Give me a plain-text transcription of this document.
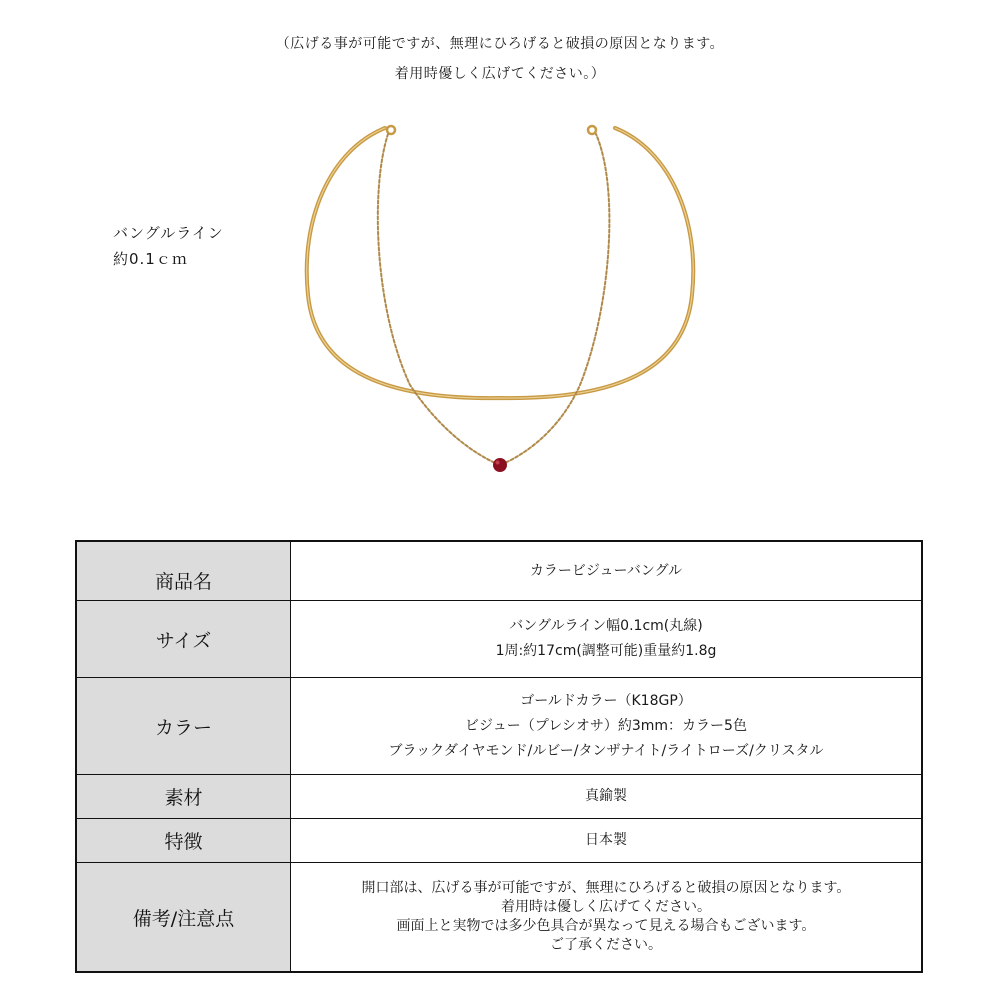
（広げる事が可能ですが、無理にひろげると破損の原因となります。
着用時優しく広げてください。）
バングルライン
約0.1ｃｍ
商品名	カラービジューバングル
サイズ	バングルライン幅0.1cm(丸線)
1周:約17cm(調整可能)重量約1.8g

カラー	ゴールドカラー（K18GP）
ビジュー（プレシオサ）約3mm：カラー5色
ブラックダイヤモンド/ルビー/タンザナイト/ライトローズ/クリスタル

素材	真鍮製
特徴	日本製
備考/注意点	開口部は、広げる事が可能ですが、無理にひろげると破損の原因となります。
着用時は優しく広げてください。
画面上と実物では多少色具合が異なって見える場合もございます。
ご了承ください。
